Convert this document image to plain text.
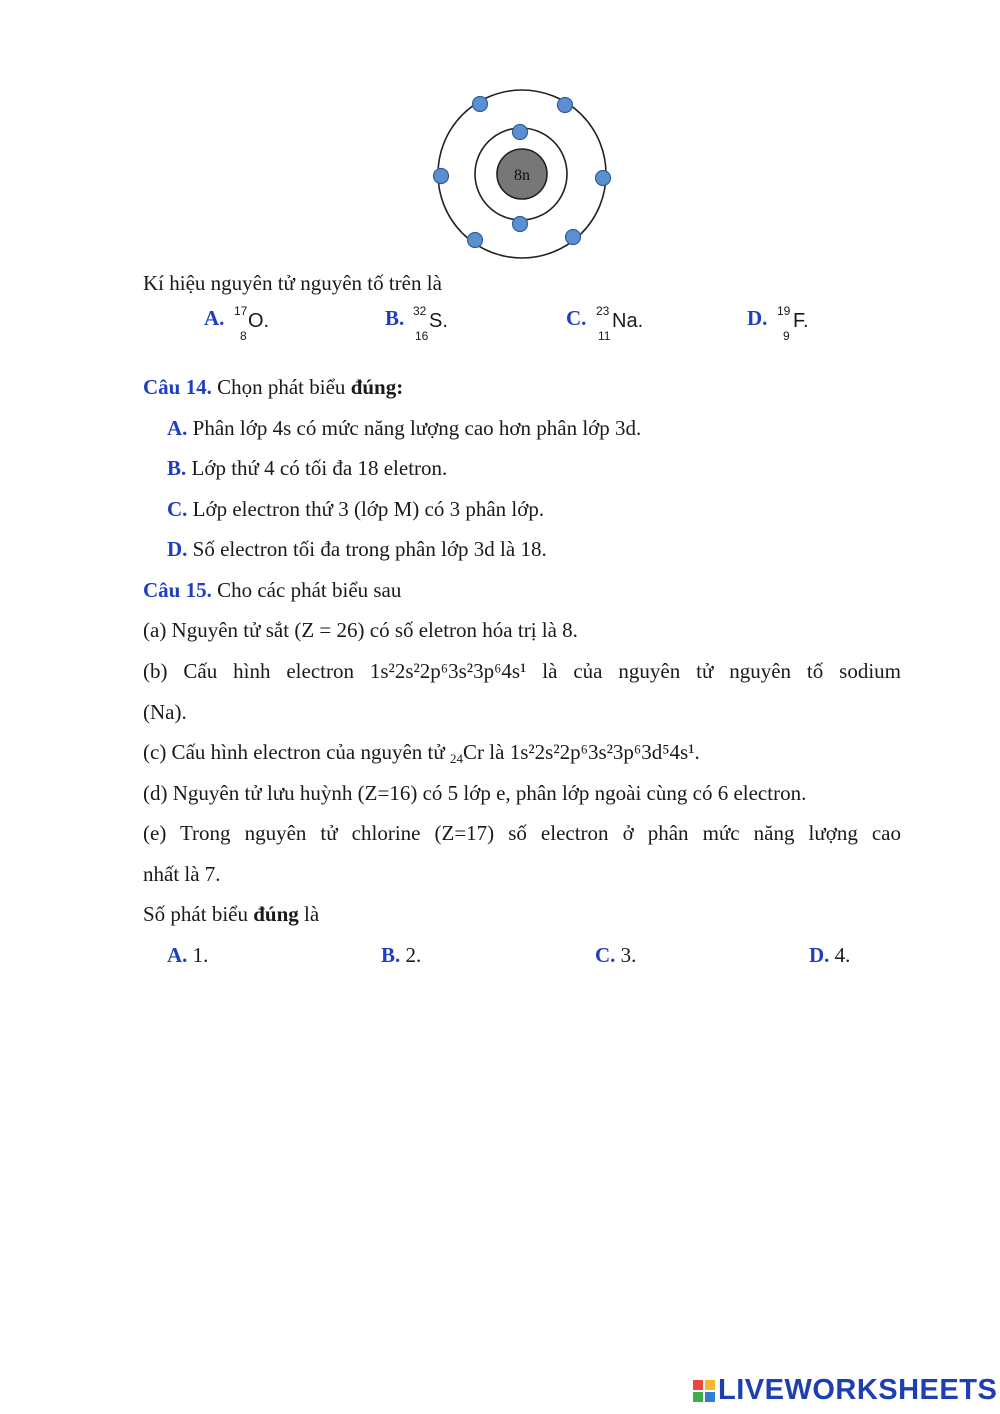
8n
Kí hiệu nguyên tử nguyên tố trên là
A. 17
8
O.	B. 32
16
S.	C. 23
11
Na.	D. 19
9
F.
Câu 14. Chọn phát biểu đúng:
A. Phân lớp 4s có mức năng lượng cao hơn phân lớp 3d.
B. Lớp thứ 4 có tối đa 18 eletron.
C. Lớp electron thứ 3 (lớp M) có 3 phân lớp.
D. Số electron tối đa trong phân lớp 3d là 18.
Câu 15. Cho các phát biểu sau
(a) Nguyên tử sắt (Z = 26) có số eletron hóa trị là 8.
(b) Cấu hình electron 1s²2s²2p⁶3s²3p⁶4s¹ là của nguyên tử nguyên tố sodium
(Na).
(c) Cấu hình electron của nguyên tử $_{24}$Cr là 1s²2s²2p⁶3s²3p⁶3d⁵4s¹.
(d) Nguyên tử lưu huỳnh (Z=16) có 5 lớp e, phân lớp ngoài cùng có 6 electron.
(e) Trong nguyên tử chlorine (Z=17) số electron ở phân mức năng lượng cao
nhất là 7.
Số phát biểu đúng là
A. 1.	B. 2.	C. 3.	D. 4.
LIVEWORKSHEETS
